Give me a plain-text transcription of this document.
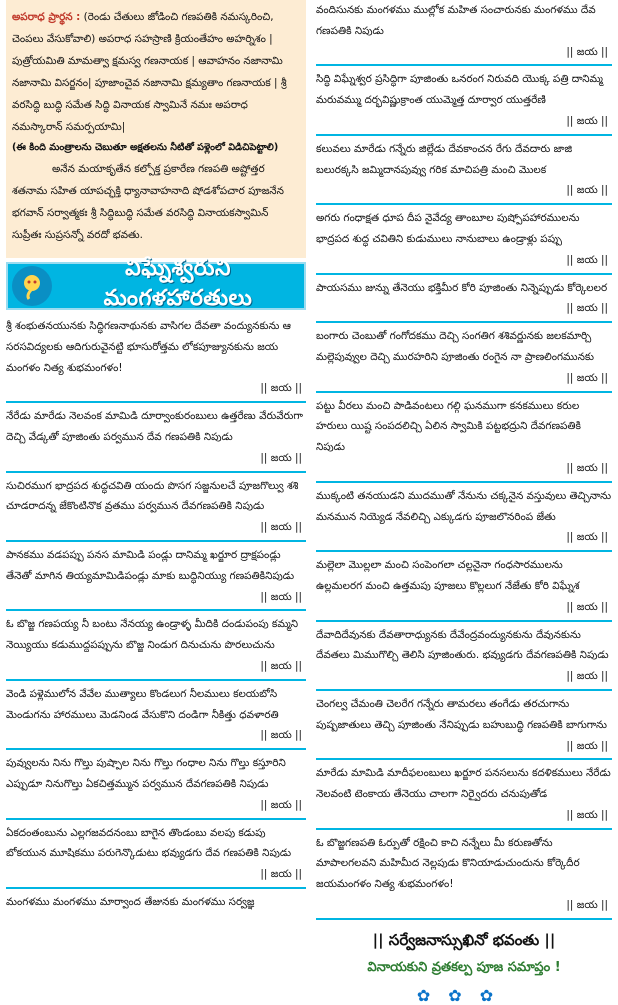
అపరాధ ప్రార్థన : (రెండు చేతులు జోడించి గణపతికి నమస్కరించి, చెంపలు వేసుకోవాలి) అపరాధ సహస్రాణి క్రియంతేహం అహర్నిశం | పుత్రోయమితి మామత్వా క్షమస్వ గణనాయక | ఆవాహనం నజానామి నజానామి విసర్జనం| పూజాంచైవ నజానామి క్షమ్యతాం గణనాయక | శ్రీ వరసిద్ధి బుద్ధి సమేత సిద్ధి వినాయక స్వామినే నమః అపరాధ నమస్కారాన్ సమర్పయామి|
(ఈ కింది మంత్రాలను చెబుతూ అక్షతలను నీటితో పళ్లెంలో విడిచిపెట్టాలి)
అనేన మయాకృతేన కల్పోక్త ప్రకారేణ గణపతి అష్టోత్తర శతనామ సహిత యాపచ్ఛక్తి ధ్యానావాహనాది షోడశోపచార పూజనేన భగవాన్ సర్వాత్మకః శ్రీ సిద్ధిబుద్ధి సమేత వరసిద్ధి వినాయకస్వామిన్ సుప్రీతః సుప్రసన్నో వరదో భవతు.
విఘ్నేశ్వరుని మంగళహారతులు
శ్రీ శంభుతనయునకు సిద్ధిగణనాథునకు వాసిగల దేవతా వంద్యునకును ఆ సరసవిద్యలకు ఆదిగురువైనట్టి భూసురోత్తమ లోకపూజ్యునకును జయ మంగళం నిత్య శుభమంగళం!
|| జయ ||
నేరేడు మారేడు నెలవంక మామిడి దూర్వాంకురంబులు ఉత్తరేణు వేరువేరుగా దెచ్చి వేడ్కతో పూజింతు పర్వమున దేవ గణపతికి నిపుడు
|| జయ ||
సుచిరముగ భాద్రపద శుద్ధచవితి యందు పొసగ సజ్జనులచే పూజగొల్వు శశి చూడరాదన్న జేకొంటినొక వ్రతము పర్వమున దేవగణపతికి నిపుడు
|| జయ ||
పానకము వడపప్పు పనస మామిడి పండ్లు దానిమ్మ ఖర్జూర ద్రాక్షపండ్లు తేనెతో మాగిన తియ్యమామిడిపండ్లు మాకు బుద్ధినియ్యు గణపతికినిపుడు
|| జయ ||
ఓ బొజ్జ గణపయ్య నీ బంటు నేనయ్య ఉండ్రాళ్ళ మీదికి దండుపంపు కమ్మని నెయ్యియు కడుముద్దపప్పును బొజ్జ నిండుగ దినుచును పొరలుచును
|| జయ ||
వెండి పళ్లెములోన వేవేల ముత్యాలు కొండలుగ నీలములు కలయబోసి మెండుగను హారములు మెడనిండ వేసుకొని దండిగా నీకిత్తు ధవళారతి
|| జయ ||
పువ్వులను నిను గొల్తు పుష్పాల నిను గొల్తు గంధాల నిను గొల్తు కస్తూరిని ఎప్పుడూ నినుగొల్తు ఏకచిత్తమ్మున పర్వమున దేవగణపతికి నిపుడు
|| జయ ||
ఏకదంతంబును ఎల్లగజవదనంబు బాగైన తొండంబు వలపు కడుపు బోకయున మూషికము పరుగెన్కొడుటు భవ్యుడగు దేవ గణపతికి నిపుడు
|| జయ ||
మంగళము మంగళము మార్వాంద తేజునకు మంగళము సర్వజ్ఞ
వందిసునకు మంగళము ముల్లోక మహిత సంచారునకు మంగళము దేవ గణపతికి నిపుడు
|| జయ ||
సిద్ధి విఘ్నేశ్వర ప్రసిద్ధిగా పూజింతు ఒనరంగ నిరువది యొక్క పత్రి దానిమ్మ మరువమ్ము దర్భవిష్ణుక్రాంత యుమ్మెత్త దూర్వార యుత్తరేణి
|| జయ ||
కలువలు మారేడు గన్నేరు జిల్లేడు దేవకాంచన రేగు దేవదారు జాజి బలురక్కసి జమ్మిదానపువ్వు గరిక మాచిపత్రి మంచి మొలక
|| జయ ||
అగరు గంధాక్షత ధూప దీప నైవేద్య తాంబూల పుష్పోపహారములను భాద్రపద శుద్ధ చవితిని కుడుములు నానుబాలు ఉండ్రాళ్లు పప్పు
|| జయ ||
పాయసము జున్ను తేనెయు భక్తిమీర కోరి పూజింతు నిన్నెప్పుడు కోర్కెలలర
|| జయ ||
బంగారు చెంబుతో గంగోదకము దెచ్చి సంగతిగ శశివర్ణునకు జలకమార్చి మల్లెపువ్వుల దెచ్చి మురహరిని పూజింతు రంగైన నా ప్రాణలింగమునకు
|| జయ ||
పట్టు వీరలు మంచి పాడివంటలు గల్గి ఘనముగా కనకములు కరుల హరులు యిష్ట సంపదలిచ్చి ఏలిన స్వామికి పట్టభద్రుని దేవగణపతికి నిపుడు
|| జయ ||
ముక్కంటి తనయుడని ముదముతో నేనును చక్కనైన వస్తువులు తెచ్చినాను మనమున నియ్యెడ నేవలిచ్చి ఎక్కుడగు పూజలొనరింప జేతు
|| జయ ||
మల్లెలా మొల్లలా మంచి సంపెంగలా చల్లనైనా గంధసారములను ఉల్లమలరగ మంచి ఉత్తమపు పూజలు కొల్లలుగ నేజేతు కోరి విఘ్నేశ
|| జయ ||
దేవాదిదేవునకు దేవతారాధ్యునకు దేవేంద్రవంద్యునకును దేవునకును దేవతలు మిముగొల్చి తెలిసి పూజింతురు. భవ్యుడగు దేవగణపతికి నిపుడు
|| జయ ||
చెంగల్వ చేమంతి చెలరేగ గన్నేరు తామరలు తంగేడు తరచుగాను పుష్పజాతులు తెచ్చి పూజింతు నేనిప్పుడు బహుబుద్ధి గణపతికి బాగుగాను
|| జయ ||
మారేడు మామిడి మాదీఫలంబులు ఖర్జూర పనసలును కదళికములు నేరేడు నెలవంటి టెంకాయ తేనెయు చాలగా నిర్వైదరు చనుపుతోడ
|| జయ ||
ఓ బొజ్జగణపతి ఓర్పుతో రక్షించి కాచి నన్నేలు మీ కరుణతోను మాపాలగలవని మహిమీద నెల్లపుడు కొనియాడుచుందును కోర్కెదీర జయమంగళం నిత్య శుభమంగళం!
|| జయ ||
|| సర్వేజనాస్సుఖినో భవంతు ||
వినాయకుని వ్రతకల్ప పూజ సమాప్తం !
✿✿✿
